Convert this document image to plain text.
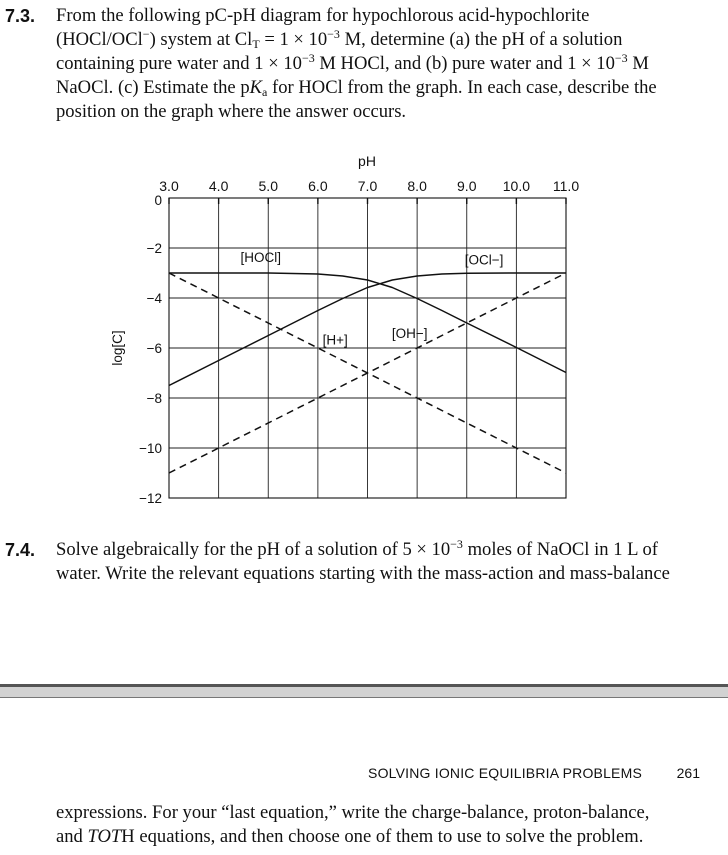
7.3. From the following pC-pH diagram for hypochlorous acid-hypochlorite
(HOCl/OCl−) system at $Cl_T = 1 \times 10^{-3}$ M, determine (a) the pH of a solution
containing pure water and $1 \times 10^{-3}$ M HOCl, and (b) pure water and $1 \times 10^{-3}$ M
NaOCl. (c) Estimate the $pK_a$ for HOCl from the graph. In each case, describe the
position on the graph where the answer occurs.
3.0 4.0 5.0 6.0 7.0 8.0 9.0 10.0 11.0
0
−2
−4
−6
−8
−10
−12
pH
log[C]
[HOCl]	[OCl−]
[H+]	[OH−]
7.4. Solve algebraically for the pH of a solution of $5 \times 10^{-3}$ moles of NaOCl in 1 L of
water. Write the relevant equations starting with the mass-action and mass-balance
SOLVING IONIC EQUILIBRIA PROBLEMS 261
expressions. For your “last equation,” write the charge-balance, proton-balance,
and TOTH equations, and then choose one of them to use to solve the problem.
